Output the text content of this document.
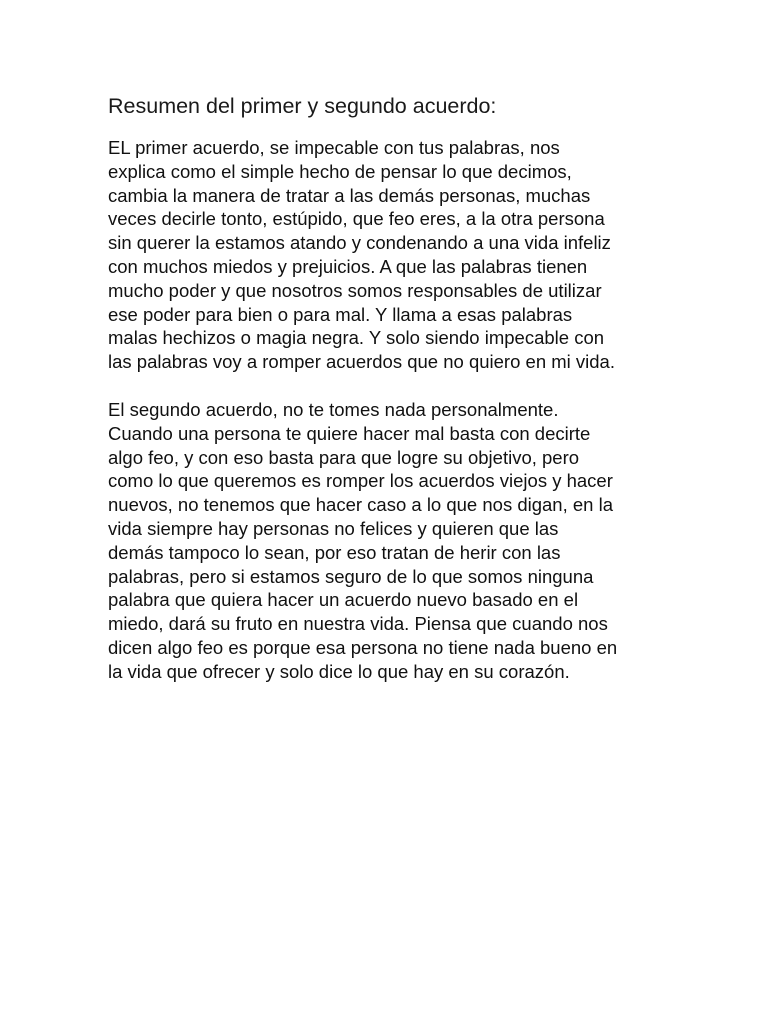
Resumen del primer y segundo acuerdo:

EL primer acuerdo, se impecable con tus palabras, nos
explica como el simple hecho de pensar lo que decimos,
cambia la manera de tratar a las demás personas, muchas
veces decirle tonto, estúpido, que feo eres, a la otra persona
sin querer la estamos atando y condenando a una vida infeliz
con muchos miedos y prejuicios. A que las palabras tienen
mucho poder y que nosotros somos responsables de utilizar
ese poder para bien o para mal. Y llama a esas palabras
malas hechizos o magia negra. Y solo siendo impecable con
las palabras voy a romper acuerdos que no quiero en mi vida.

El segundo acuerdo, no te tomes nada personalmente.
Cuando una persona te quiere hacer mal basta con decirte
algo feo, y con eso basta para que logre su objetivo, pero
como lo que queremos es romper los acuerdos viejos y hacer
nuevos, no tenemos que hacer caso a lo que nos digan, en la
vida siempre hay personas no felices y quieren que las
demás tampoco lo sean, por eso tratan de herir con las
palabras, pero si estamos seguro de lo que somos ninguna
palabra que quiera hacer un acuerdo nuevo basado en el
miedo, dará su fruto en nuestra vida. Piensa que cuando nos
dicen algo feo es porque esa persona no tiene nada bueno en
la vida que ofrecer y solo dice lo que hay en su corazón.
